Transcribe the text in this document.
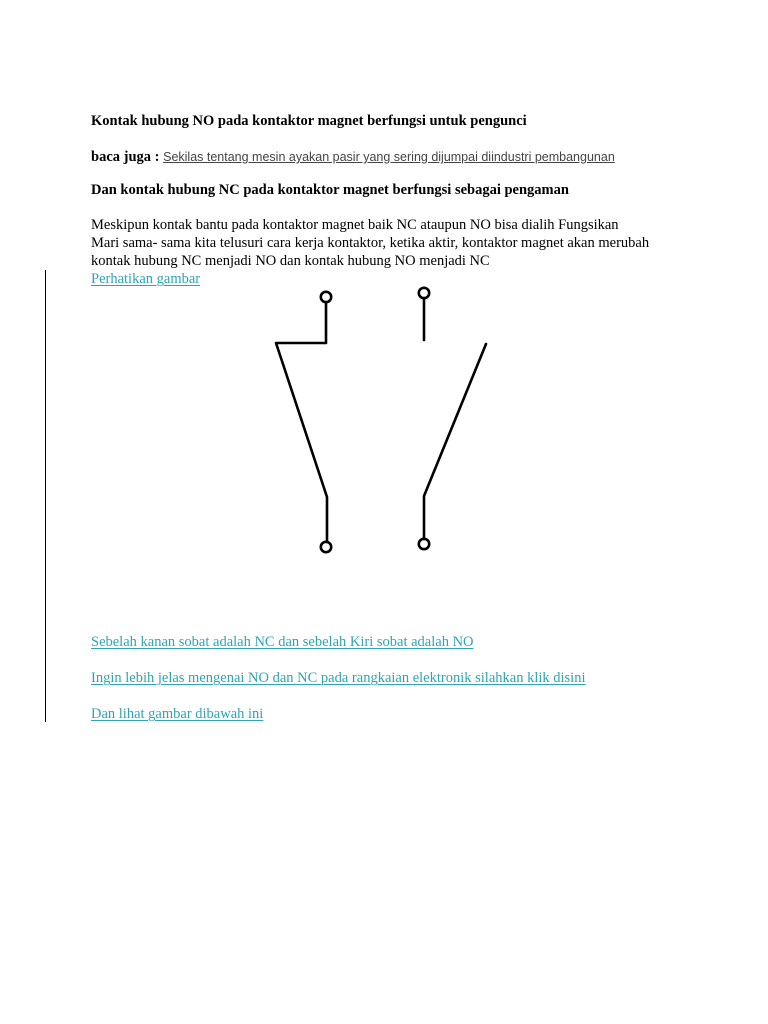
Kontak hubung NO pada kontaktor magnet berfungsi untuk pengunci
baca juga : Sekilas tentang mesin ayakan pasir yang sering dijumpai diindustri pembangunan
Dan kontak hubung NC pada kontaktor magnet berfungsi sebagai pengaman
Meskipun kontak bantu pada kontaktor magnet baik NC ataupun NO bisa dialih Fungsikan
Mari sama- sama kita telusuri cara kerja kontaktor, ketika aktir, kontaktor magnet akan merubah
kontak hubung NC menjadi NO dan kontak hubung NO menjadi NC
Perhatikan gambar
Sebelah kanan sobat adalah NC dan sebelah Kiri sobat adalah NO
Ingin lebih jelas mengenai NO dan NC pada rangkaian elektronik silahkan klik disini
Dan lihat gambar dibawah ini
